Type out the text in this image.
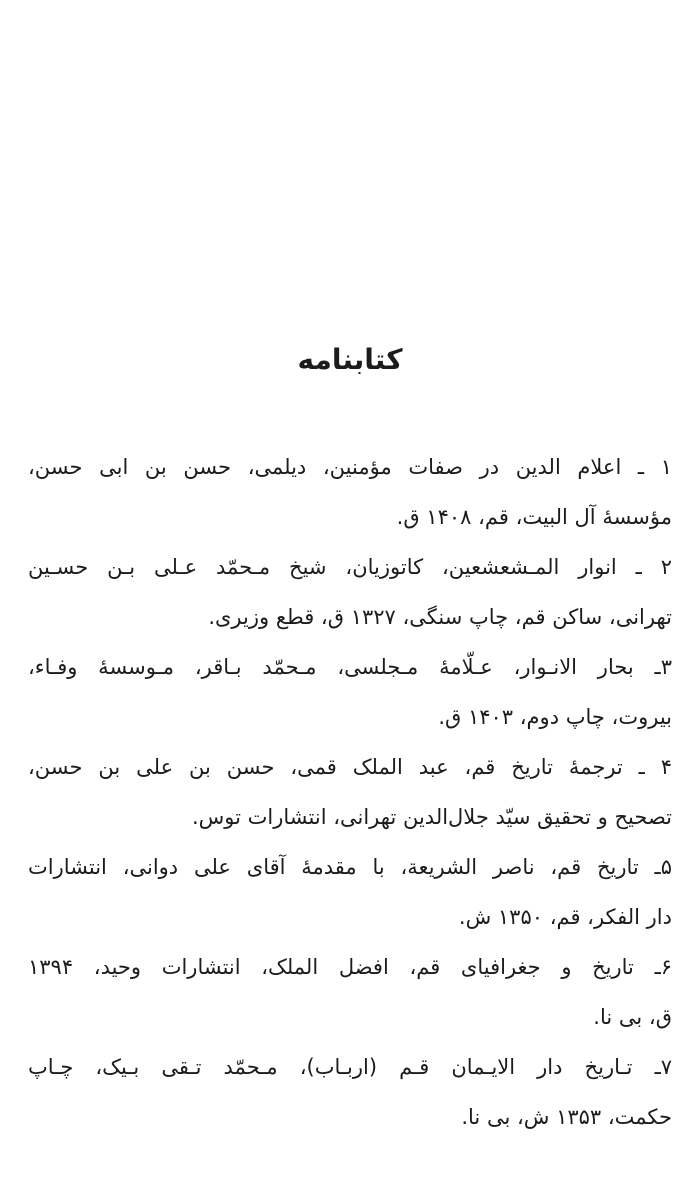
کتابنامه
۱ ـ اعلام الدین در صفات مؤمنین، دیلمی، حسن بن ابی حسن،
مؤسسۀ آل البیت، قم، ۱۴۰۸ ق.
۲ ـ انوار المـشعشعین، کاتوزیان، شیخ مـحمّد عـلی بـن حسـین
تهرانی، ساکن قم، چاپ سنگی، ۱۳۲۷ ق، قطع وزیری.
۳ـ بحار الانـوار، عـلّامۀ مـجلسی، مـحمّد بـاقر، مـوسسۀ وفـاء،
بیروت، چاپ دوم، ۱۴۰۳ ق.
۴ ـ ترجمۀ تاریخ قم، عبد الملک قمی، حسن بن علی بن حسن،
تصحیح و تحقیق سیّد جلال‌الدین تهرانی، انتشارات توس.
۵ـ تاریخ قم، ناصر الشریعة، با مقدمۀ آقای علی دوانی، انتشارات
دار الفکر، قم، ۱۳۵۰ ش.
۶ـ تاریخ و جغرافیای قم، افضل الملک، انتشارات وحید، ۱۳۹۴
ق، بی نا.
۷ـ تـاریخ دار الایـمان قـم (اربـاب)، مـحمّد تـقی بـیک، چـاپ
حکمت، ۱۳۵۳ ش، بی نا.
